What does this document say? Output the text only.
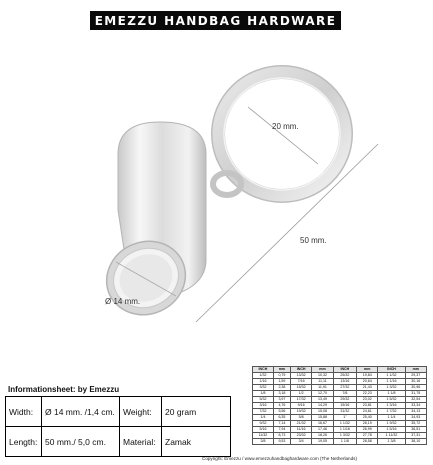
EMEZZU HANDBAG HARDWARE
20 mm.
50 mm.
Ø 14 mm.
Informationsheet: by Emezzu
Width:	Ø 14 mm. /1,4 cm.	Weight:	20 gram
Length:	50 mm./ 5,0 cm.	Material:	Zamak
INCH	mm	INCH	mm	INCH	mm	INCH	mm
1/32	0,79	13/32	10,32	25/32	19,84	1 1/32	29,37
1/16	1,59	7/16	11,11	13/16	20,64	1 1/16	30,16
3/32	2,38	15/32	11,91	27/32	21,43	1 3/32	30,96
1/8	3,18	1/2	12,70	7/8	22,23	1 1/8	31,75
5/32	3,97	17/32	13,49	29/32	23,02	1 5/32	32,54
3/16	4,76	9/16	14,29	15/16	23,81	1 3/16	33,34
7/32	5,56	19/32	15,08	31/32	24,61	1 7/32	34,13
1/4	6,35	5/8	15,88	1"	25,40	1 1/4	34,93
9/32	7,14	21/32	16,67	1 1/32	26,19	1 9/32	35,72
5/16	7,94	11/16	17,46	1 1/16	26,99	1 5/16	36,51
11/32	8,73	23/32	18,26	1 3/32	27,78	1 11/32	37,31
3/8	9,53	3/4	19,05	1 1/8	28,58	1 3/8	38,10
Copyright: Emezzu / www.emezzuhandbaghardware.com (The Netherlands)
